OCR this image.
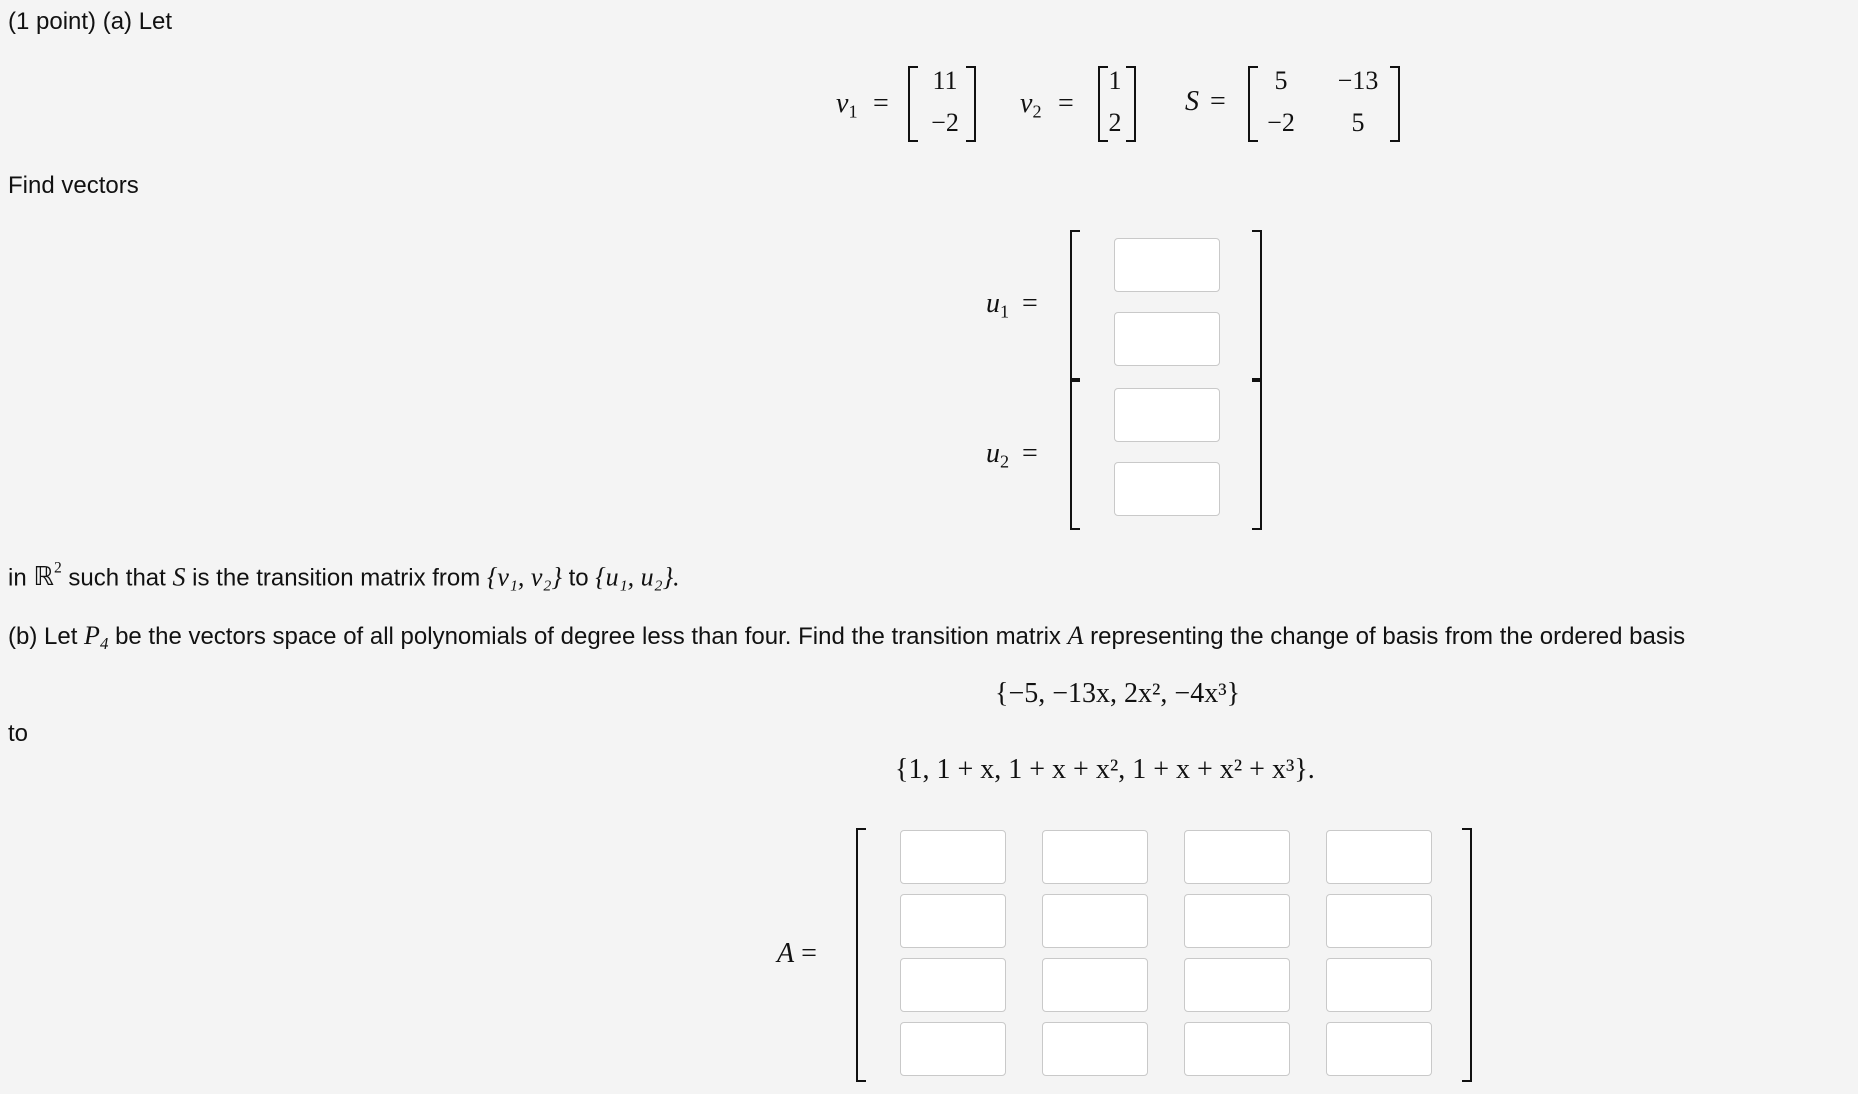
(1 point) (a) Let
$v_1$ =
11
−2
$v_2$ =
1
2
S =
5	−13
−2	5
Find vectors
$u_1$ =
$u_2$ =
in ℝ$^2$ such that S is the transition matrix from {v₁, v₂} to {u₁, u₂}.
(b) Let $P_4$ be the vectors space of all polynomials of degree less than four. Find the transition matrix A representing the change of basis from the ordered basis
{−5, −13x, 2x², −4x³}
to
{1, 1 + x, 1 + x + x², 1 + x + x² + x³}.
A =
